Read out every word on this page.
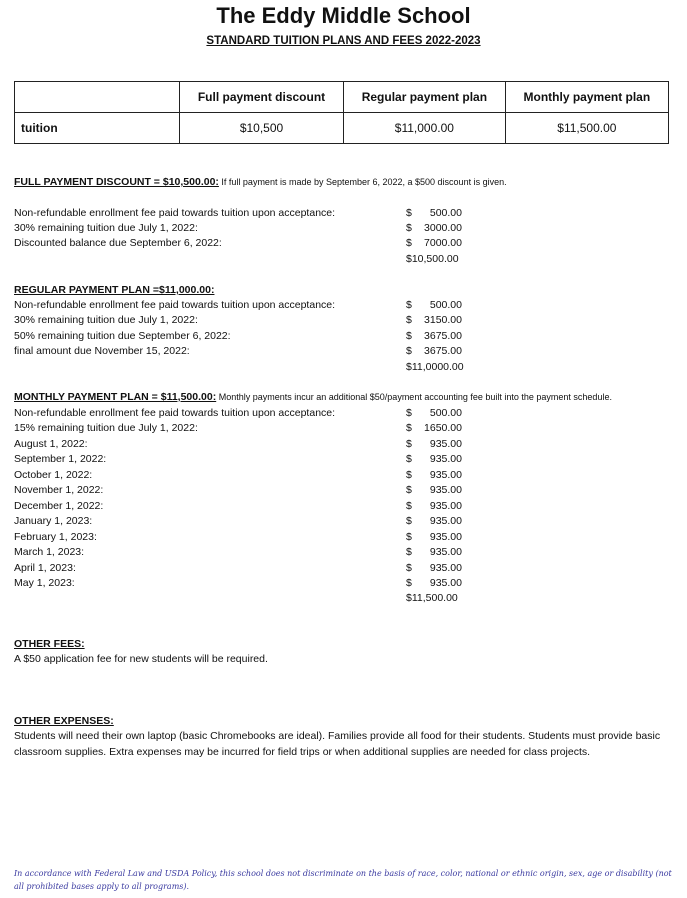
The Eddy Middle School
STANDARD TUITION PLANS AND FEES 2022-2023
	Full payment discount	Regular payment plan	Monthly payment plan
tuition	$10,500	$11,000.00	$11,500.00
FULL PAYMENT DISCOUNT = $10,500.00: If full payment is made by September 6, 2022, a $500 discount is given.
Non-refundable enrollment fee paid towards tuition upon acceptance:	$ 500.00
30% remaining tuition due July 1, 2022:	$ 3000.00
Discounted balance due September 6, 2022:	$ 7000.00
$10,500.00
REGULAR PAYMENT PLAN =$11,000.00:
Non-refundable enrollment fee paid towards tuition upon acceptance:	$ 500.00
30% remaining tuition due July 1, 2022:	$ 3150.00
50% remaining tuition due September 6, 2022:	$ 3675.00
final amount due November 15, 2022:	$ 3675.00
$11,0000.00
MONTHLY PAYMENT PLAN = $11,500.00: Monthly payments incur an additional $50/payment accounting fee built into the payment schedule.
Non-refundable enrollment fee paid towards tuition upon acceptance:	$ 500.00
15% remaining tuition due July 1, 2022:	$ 1650.00
August 1, 2022:	$ 935.00
September 1, 2022:	$ 935.00
October 1, 2022:	$ 935.00
November 1, 2022:	$ 935.00
December 1, 2022:	$ 935.00
January 1, 2023:	$ 935.00
February 1, 2023:	$ 935.00
March 1, 2023:	$ 935.00
April 1, 2023:	$ 935.00
May 1, 2023:	$ 935.00
$11,500.00
OTHER FEES:
A $50 application fee for new students will be required.
OTHER EXPENSES:
Students will need their own laptop (basic Chromebooks are ideal). Families provide all food for their students. Students must provide basic classroom supplies. Extra expenses may be incurred for field trips or when additional supplies are needed for class projects.
In accordance with Federal Law and USDA Policy, this school does not discriminate on the basis of race, color, national or ethnic origin, sex, age or disability (not all prohibited bases apply to all programs).
